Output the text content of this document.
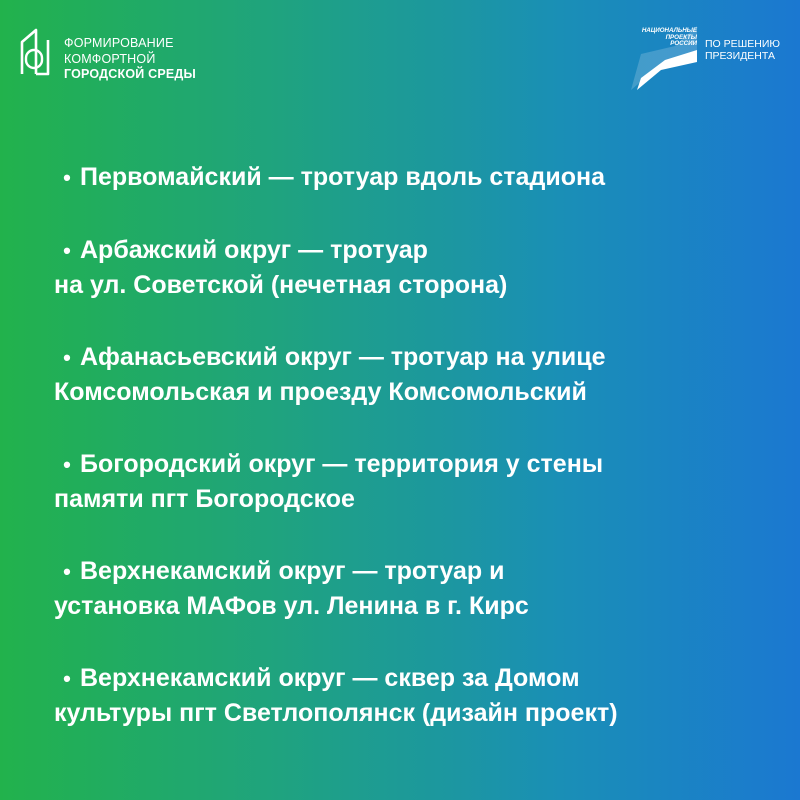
ФОРМИРОВАНИЕ
КОМФОРТНОЙ
ГОРОДСКОЙ СРЕДЫ
НАЦИОНАЛЬНЫЕ
ПРОЕКТЫ
РОССИИ ПО РЕШЕНИЮ
ПРЕЗИДЕНТА
• Первомайский — тротуар вдоль стадиона
• Арбажский округ — тротуар
на ул. Советской (нечетная сторона)
• Афанасьевский округ — тротуар на улице
Комсомольская и проезду Комсомольский
• Богородский округ — территория у стены
памяти пгт Богородское
• Верхнекамский округ — тротуар и
установка МАФов ул. Ленина в г. Кирс
• Верхнекамский округ — сквер за Домом
культуры пгт Светлополянск (дизайн проект)
